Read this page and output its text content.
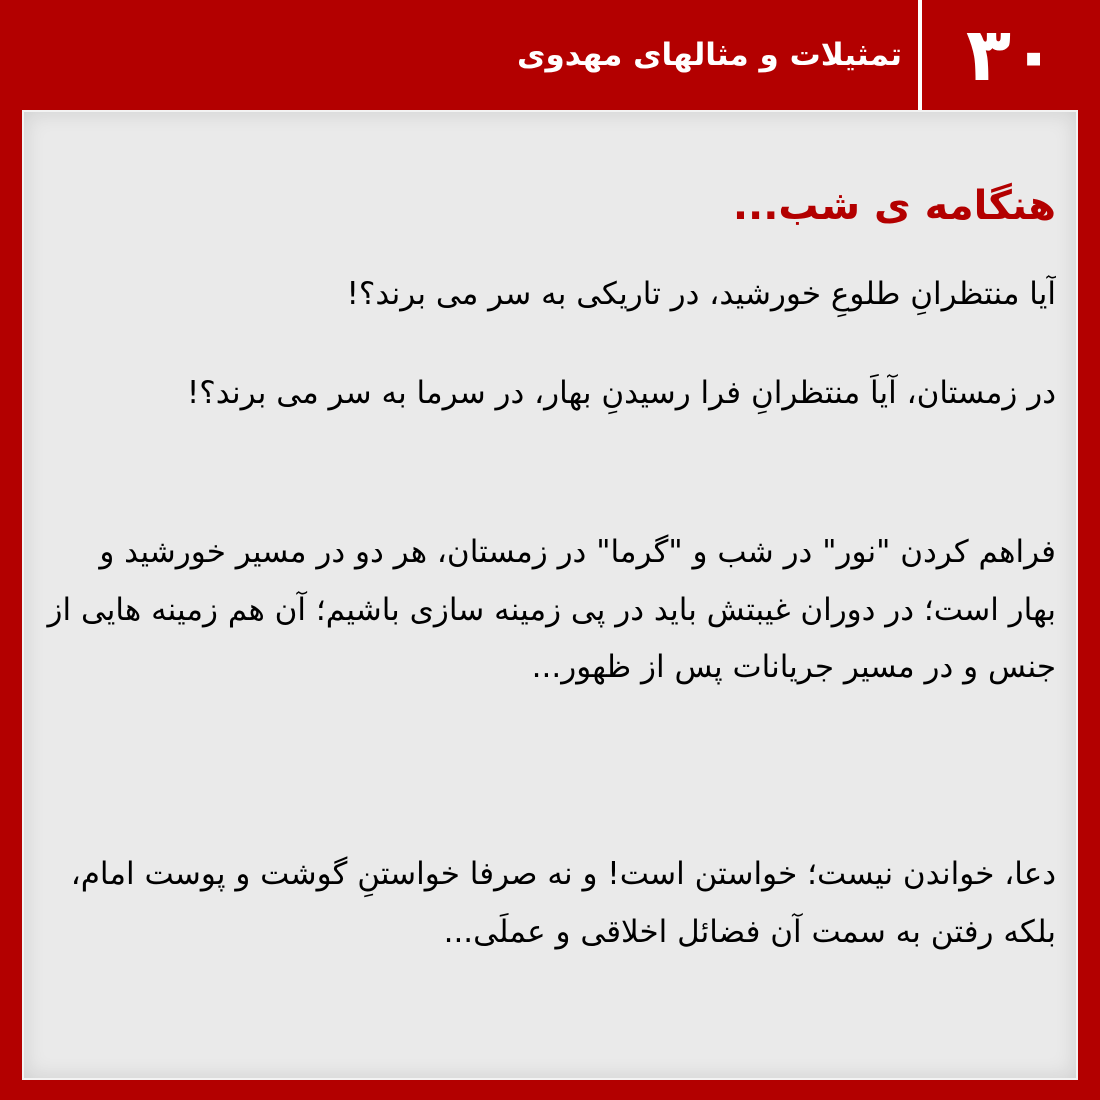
۳۰
تمثیلات و مثالهای مهدوی
هنگامه ی شب...

آیا منتظرانِ طلوعِ خورشید، در تاریکی به سر می برند؟!

در زمستان، آیاَ منتظرانِ فرا رسیدنِ بهار، در سرما به سر می برند؟!

فراهم کردن "نور" در شب و "گرما" در زمستان، هر دو در مسیر خورشید و بهار است؛ در دوران غیبتش باید در پی زمینه سازی باشیم؛ آن هم زمینه هایی از جنس و در مسیر جریانات پس از ظهور...

دعا، خواندن نیست؛ خواستن است! و نه صرفا خواستنِ گوشت و پوست امام، بلکه رفتن به سمت آن فضائل اخلاقی و عملَی...
